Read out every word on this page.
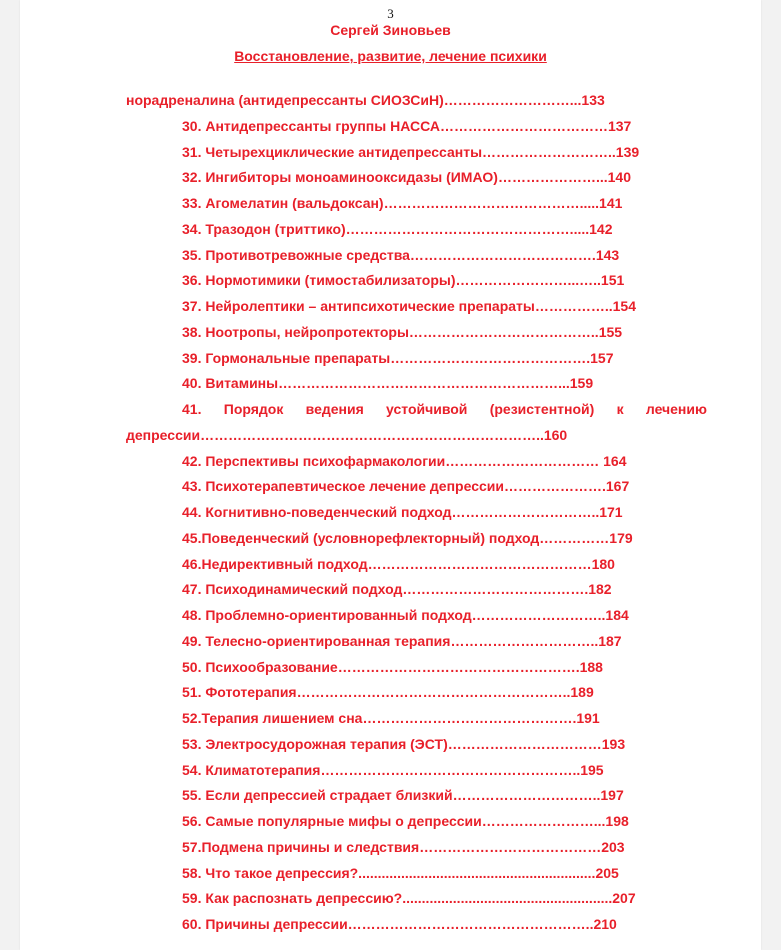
3
Сергей Зиновьев
Восстановление, развитие, лечение психики
норадреналина (антидепрессанты СИОЗСиН)………………………...133
30. Антидепрессанты группы НАССА………………………………137
31. Четырехциклические антидепрессанты………………………..139
32. Ингибиторы моноаминооксидазы (ИМАО)…………………...140
33. Агомелатин (вальдоксан)…………………………………….....141
34. Тразодон (триттико)………………………………………….....142
35. Противотревожные средства………………………………….143
36. Нормотимики (тимостабилизаторы)……………………...…..151
37. Нейролептики – антипсихотические препараты……………..154
38. Ноотропы, нейропротекторы…………………………………..155
39. Гормональные препараты…………………………………….157
40. Витамины……………………………………………………...159
41. Порядок ведения устойчивой (резистентной) к лечению
депрессии………………………………………………………………..160
42. Перспективы психофармакологии…………………………… 164
43. Психотерапевтическое лечение депрессии………………….167
44. Когнитивно-поведенческий подход…………………………..171
45.Поведенческий (условнорефлекторный) подход……………179
46.Недирективный подход…………………………………………180
47. Психодинамический подход………………………………….182
48. Проблемно-ориентированный подход………………………..184
49. Телесно-ориентированная терапия…………………………..187
50. Психообразование…………………………………………….188
51. Фототерапия…………………………………………………..189
52.Терапия лишением сна……………………………………….191
53. Электросудорожная терапия (ЭСТ)……………………………193
54. Климатотерапия………………………………………………..195
55. Если депрессией страдает близкий…………………………..197
56. Самые популярные мифы о депрессии……………………...198
57.Подмена причины и следствия…………………………………203
58. Что такое депрессия?.............................................................205
59. Как распознать депрессию?......................................................207
60. Причины депрессии……………………………………………..210
